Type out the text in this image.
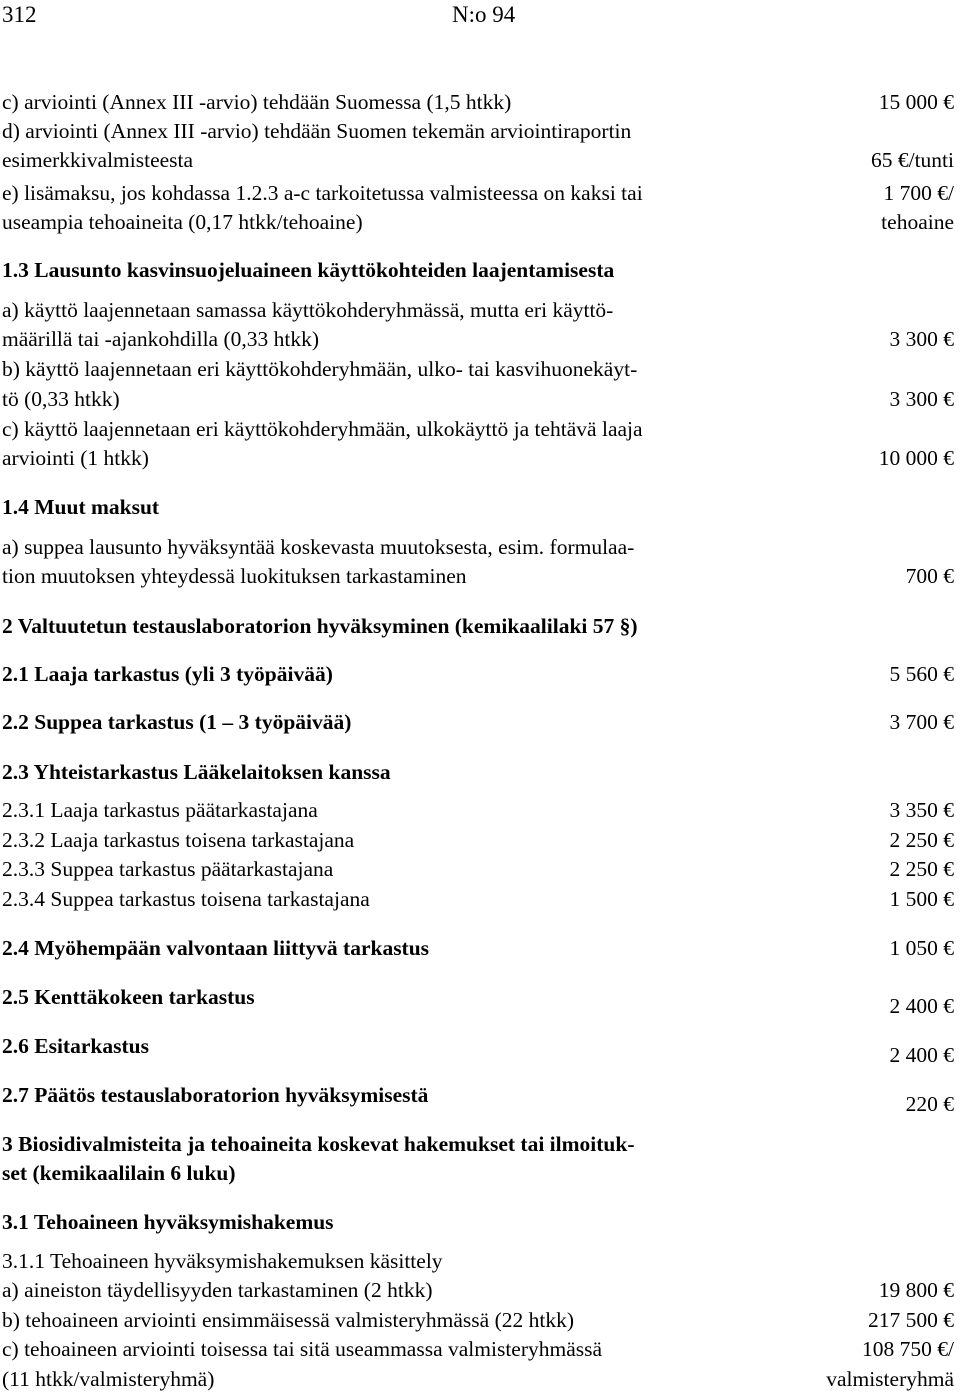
312	N:o 94
c) arviointi (Annex III -arvio) tehdään Suomessa (1,5 htkk)	15 000 €
d) arviointi (Annex III -arvio) tehdään Suomen tekemän arviointiraportin
esimerkkivalmisteesta	65 €/tunti
e) lisämaksu, jos kohdassa 1.2.3 a-c tarkoitetussa valmisteessa on kaksi tai	1 700 €/
useampia tehoaineita (0,17 htkk/tehoaine)	tehoaine
1.3 Lausunto kasvinsuojeluaineen käyttökohteiden laajentamisesta
a) käyttö laajennetaan samassa käyttökohderyhmässä, mutta eri käyttö-
määrillä tai -ajankohdilla (0,33 htkk)	3 300 €
b) käyttö laajennetaan eri käyttökohderyhmään, ulko- tai kasvihuonekäyt-
tö (0,33 htkk)	3 300 €
c) käyttö laajennetaan eri käyttökohderyhmään, ulkokäyttö ja tehtävä laaja
arviointi (1 htkk)	10 000 €
1.4 Muut maksut
a) suppea lausunto hyväksyntää koskevasta muutoksesta, esim. formulaa-
tion muutoksen yhteydessä luokituksen tarkastaminen	700 €
2 Valtuutetun testauslaboratorion hyväksyminen (kemikaalilaki 57 §)
2.1 Laaja tarkastus (yli 3 työpäivää)	5 560 €
2.2 Suppea tarkastus (1 – 3 työpäivää)	3 700 €
2.3 Yhteistarkastus Lääkelaitoksen kanssa
2.3.1 Laaja tarkastus päätarkastajana	3 350 €
2.3.2 Laaja tarkastus toisena tarkastajana	2 250 €
2.3.3 Suppea tarkastus päätarkastajana	2 250 €
2.3.4 Suppea tarkastus toisena tarkastajana	1 500 €
2.4 Myöhempään valvontaan liittyvä tarkastus	1 050 €
2.5 Kenttäkokeen tarkastus	2 400 €
2.6 Esitarkastus	2 400 €
2.7 Päätös testauslaboratorion hyväksymisestä	220 €
3 Biosidivalmisteita ja tehoaineita koskevat hakemukset tai ilmoituk-
set (kemikaalilain 6 luku)
3.1 Tehoaineen hyväksymishakemus
3.1.1 Tehoaineen hyväksymishakemuksen käsittely
a) aineiston täydellisyyden tarkastaminen (2 htkk)	19 800 €
b) tehoaineen arviointi ensimmäisessä valmisteryhmässä (22 htkk)	217 500 €
c) tehoaineen arviointi toisessa tai sitä useammassa valmisteryhmässä	108 750 €/
(11 htkk/valmisteryhmä)	valmisteryhmä
